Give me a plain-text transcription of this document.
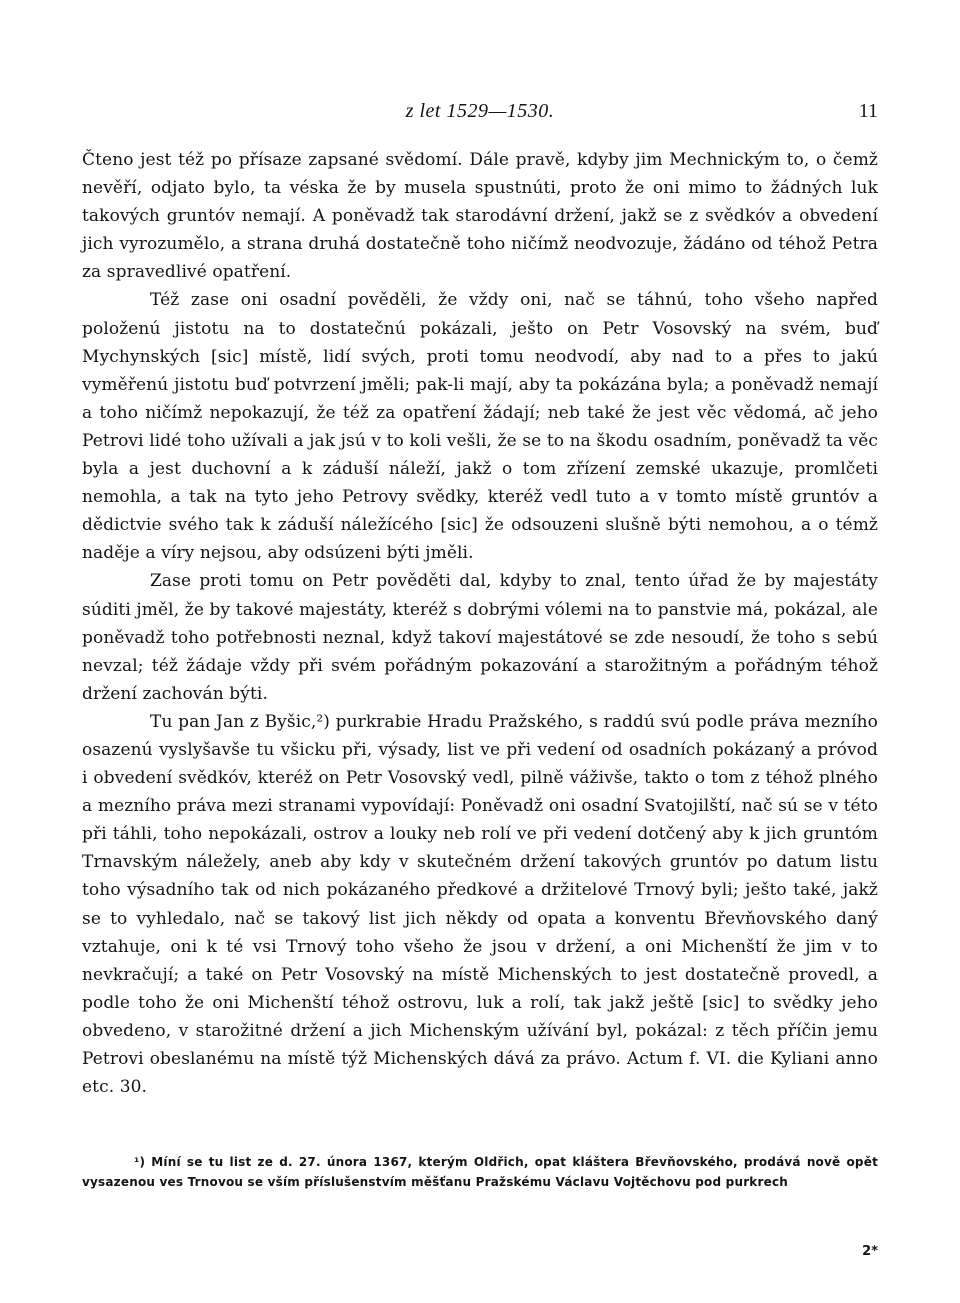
z let 1529—1530.	11

Čteno jest též po přísaze zapsané svědomí. Dále pravě, kdyby jim Mechnickým to, o čemž nevěří, odjato bylo, ta véska že by musela spustnúti, proto že oni mimo to žádných luk takových gruntóv nemají. A poněvadž tak starodávní držení, jakž se z svědkóv a obvedení jich vyrozumělo, a strana druhá dostatečně toho ničímž neodvozuje, žádáno od téhož Petra za spravedlivé opatření.

Též zase oni osadní pověděli, že vždy oni, nač se táhnú, toho všeho napřed položenú jistotu na to dostatečnú pokázali, ješto on Petr Vosovský na svém, buď Mychynských [sic] místě, lidí svých, proti tomu neodvodí, aby nad to a přes to jakú vyměřenú jistotu buď potvrzení jměli; pak-li mají, aby ta pokázána byla; a poněvadž nemají a toho ničímž nepokazují, že též za opatření žádají; neb také že jest věc vědomá, ač jeho Petrovi lidé toho užívali a jak jsú v to koli vešli, že se to na škodu osadním, poněvadž ta věc byla a jest duchovní a k záduší náleží, jakž o tom zřízení zemské ukazuje, promlčeti nemohla, a tak na tyto jeho Petrovy svědky, kteréž vedl tuto a v tomto místě gruntóv a dědictvie svého tak k záduší náležícého [sic] že odsouzeni slušně býti nemohou, a o témž naděje a víry nejsou, aby odsúzeni býti jměli.

Zase proti tomu on Petr pověděti dal, kdyby to znal, tento úřad že by majestáty súditi jměl, že by takové majestáty, kteréž s dobrými vólemi na to panstvie má, pokázal, ale poněvadž toho potřebnosti neznal, když takoví majestátové se zde nesoudí, že toho s sebú nevzal; též žádaje vždy při svém pořádným pokazování a starožitným a pořádným téhož držení zachován býti.

Tu pan Jan z Byšic,²) purkrabie Hradu Pražského, s raddú svú podle práva mezního osazenú vyslyšavše tu všicku při, výsady, list ve při vedení od osadních pokázaný a próvod i obvedení svědkóv, kteréž on Petr Vosovský vedl, pilně váživše, takto o tom z téhož plného a mezního práva mezi stranami vypovídají: Poněvadž oni osadní Svatojilští, nač sú se v této při táhli, toho nepokázali, ostrov a louky neb rolí ve při vedení dotčený aby k jich gruntóm Trnavským náležely, aneb aby kdy v skutečném držení takových gruntóv po datum listu toho výsadního tak od nich pokázaného předkové a držitelové Trnový byli; ješto také, jakž se to vyhledalo, nač se takový list jich někdy od opata a konventu Břevňovského daný vztahuje, oni k té vsi Trnový toho všeho že jsou v držení, a oni Michenští že jim v to nevkračují; a také on Petr Vosovský na místě Michenských to jest dostatečně provedl, a podle toho že oni Michenští téhož ostrovu, luk a rolí, tak jakž ještě [sic] to svědky jeho obvedeno, v starožitné držení a jich Michenským užívání byl, pokázal: z těch příčin jemu Petrovi obeslanému na místě týž Michenských dává za právo. Actum f. VI. die Kyliani anno etc. 30.

¹) Míní se tu list ze d. 27. února 1367, kterým Oldřich, opat kláštera Břevňovského, prodává nově opět vysazenou ves Trnovou se vším příslušenstvím měšťanu Pražskému Václavu Vojtěchovu pod purkrech

2*
